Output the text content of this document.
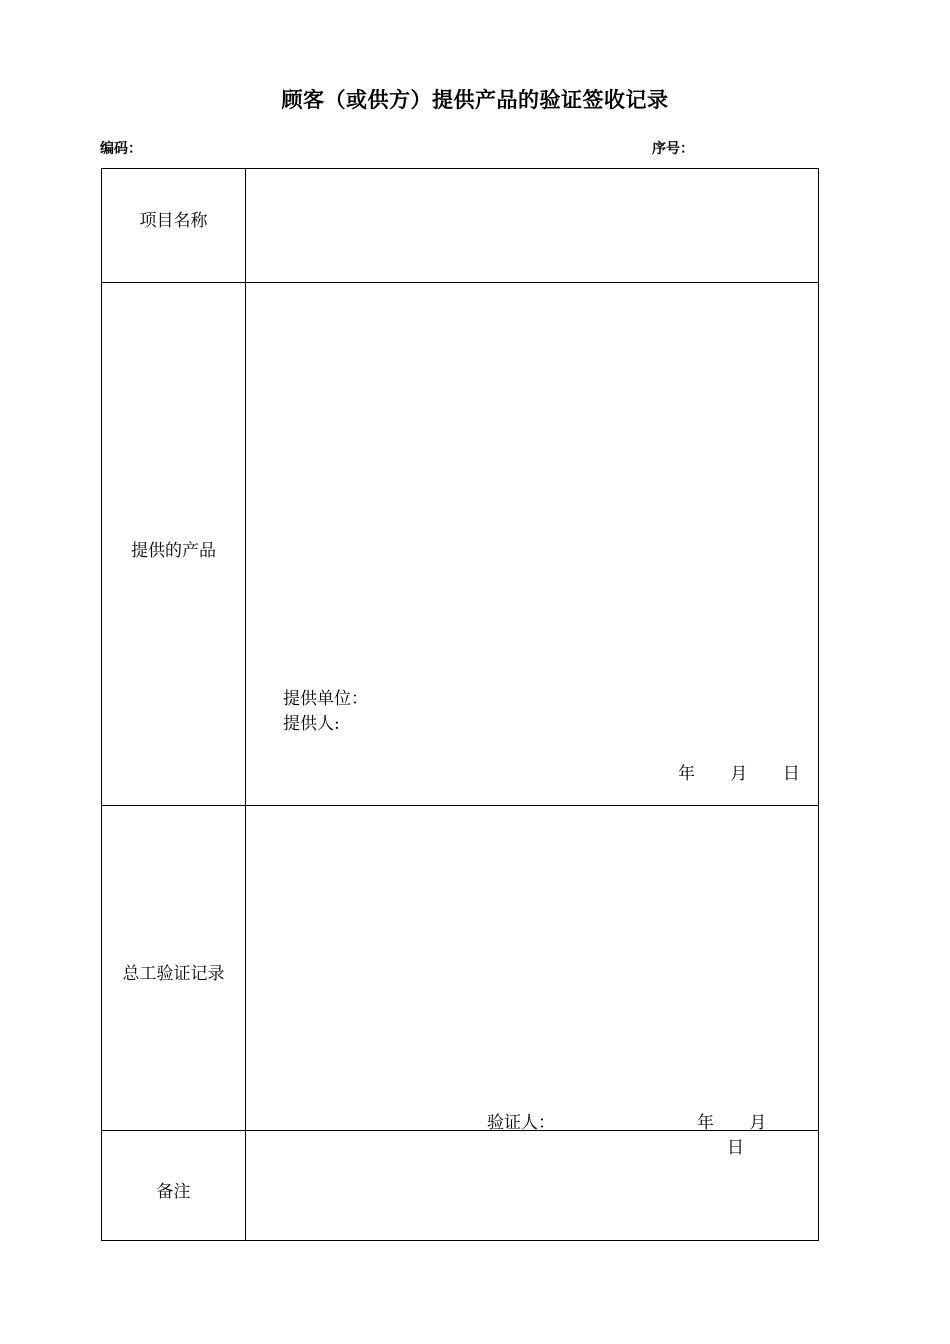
顾客（或供方）提供产品的验证签收记录
编码：	序号：
项目名称
提供的产品
提供单位：
提供人:
年 月 日
总工验证记录
验证人：	年 月 日
备注
